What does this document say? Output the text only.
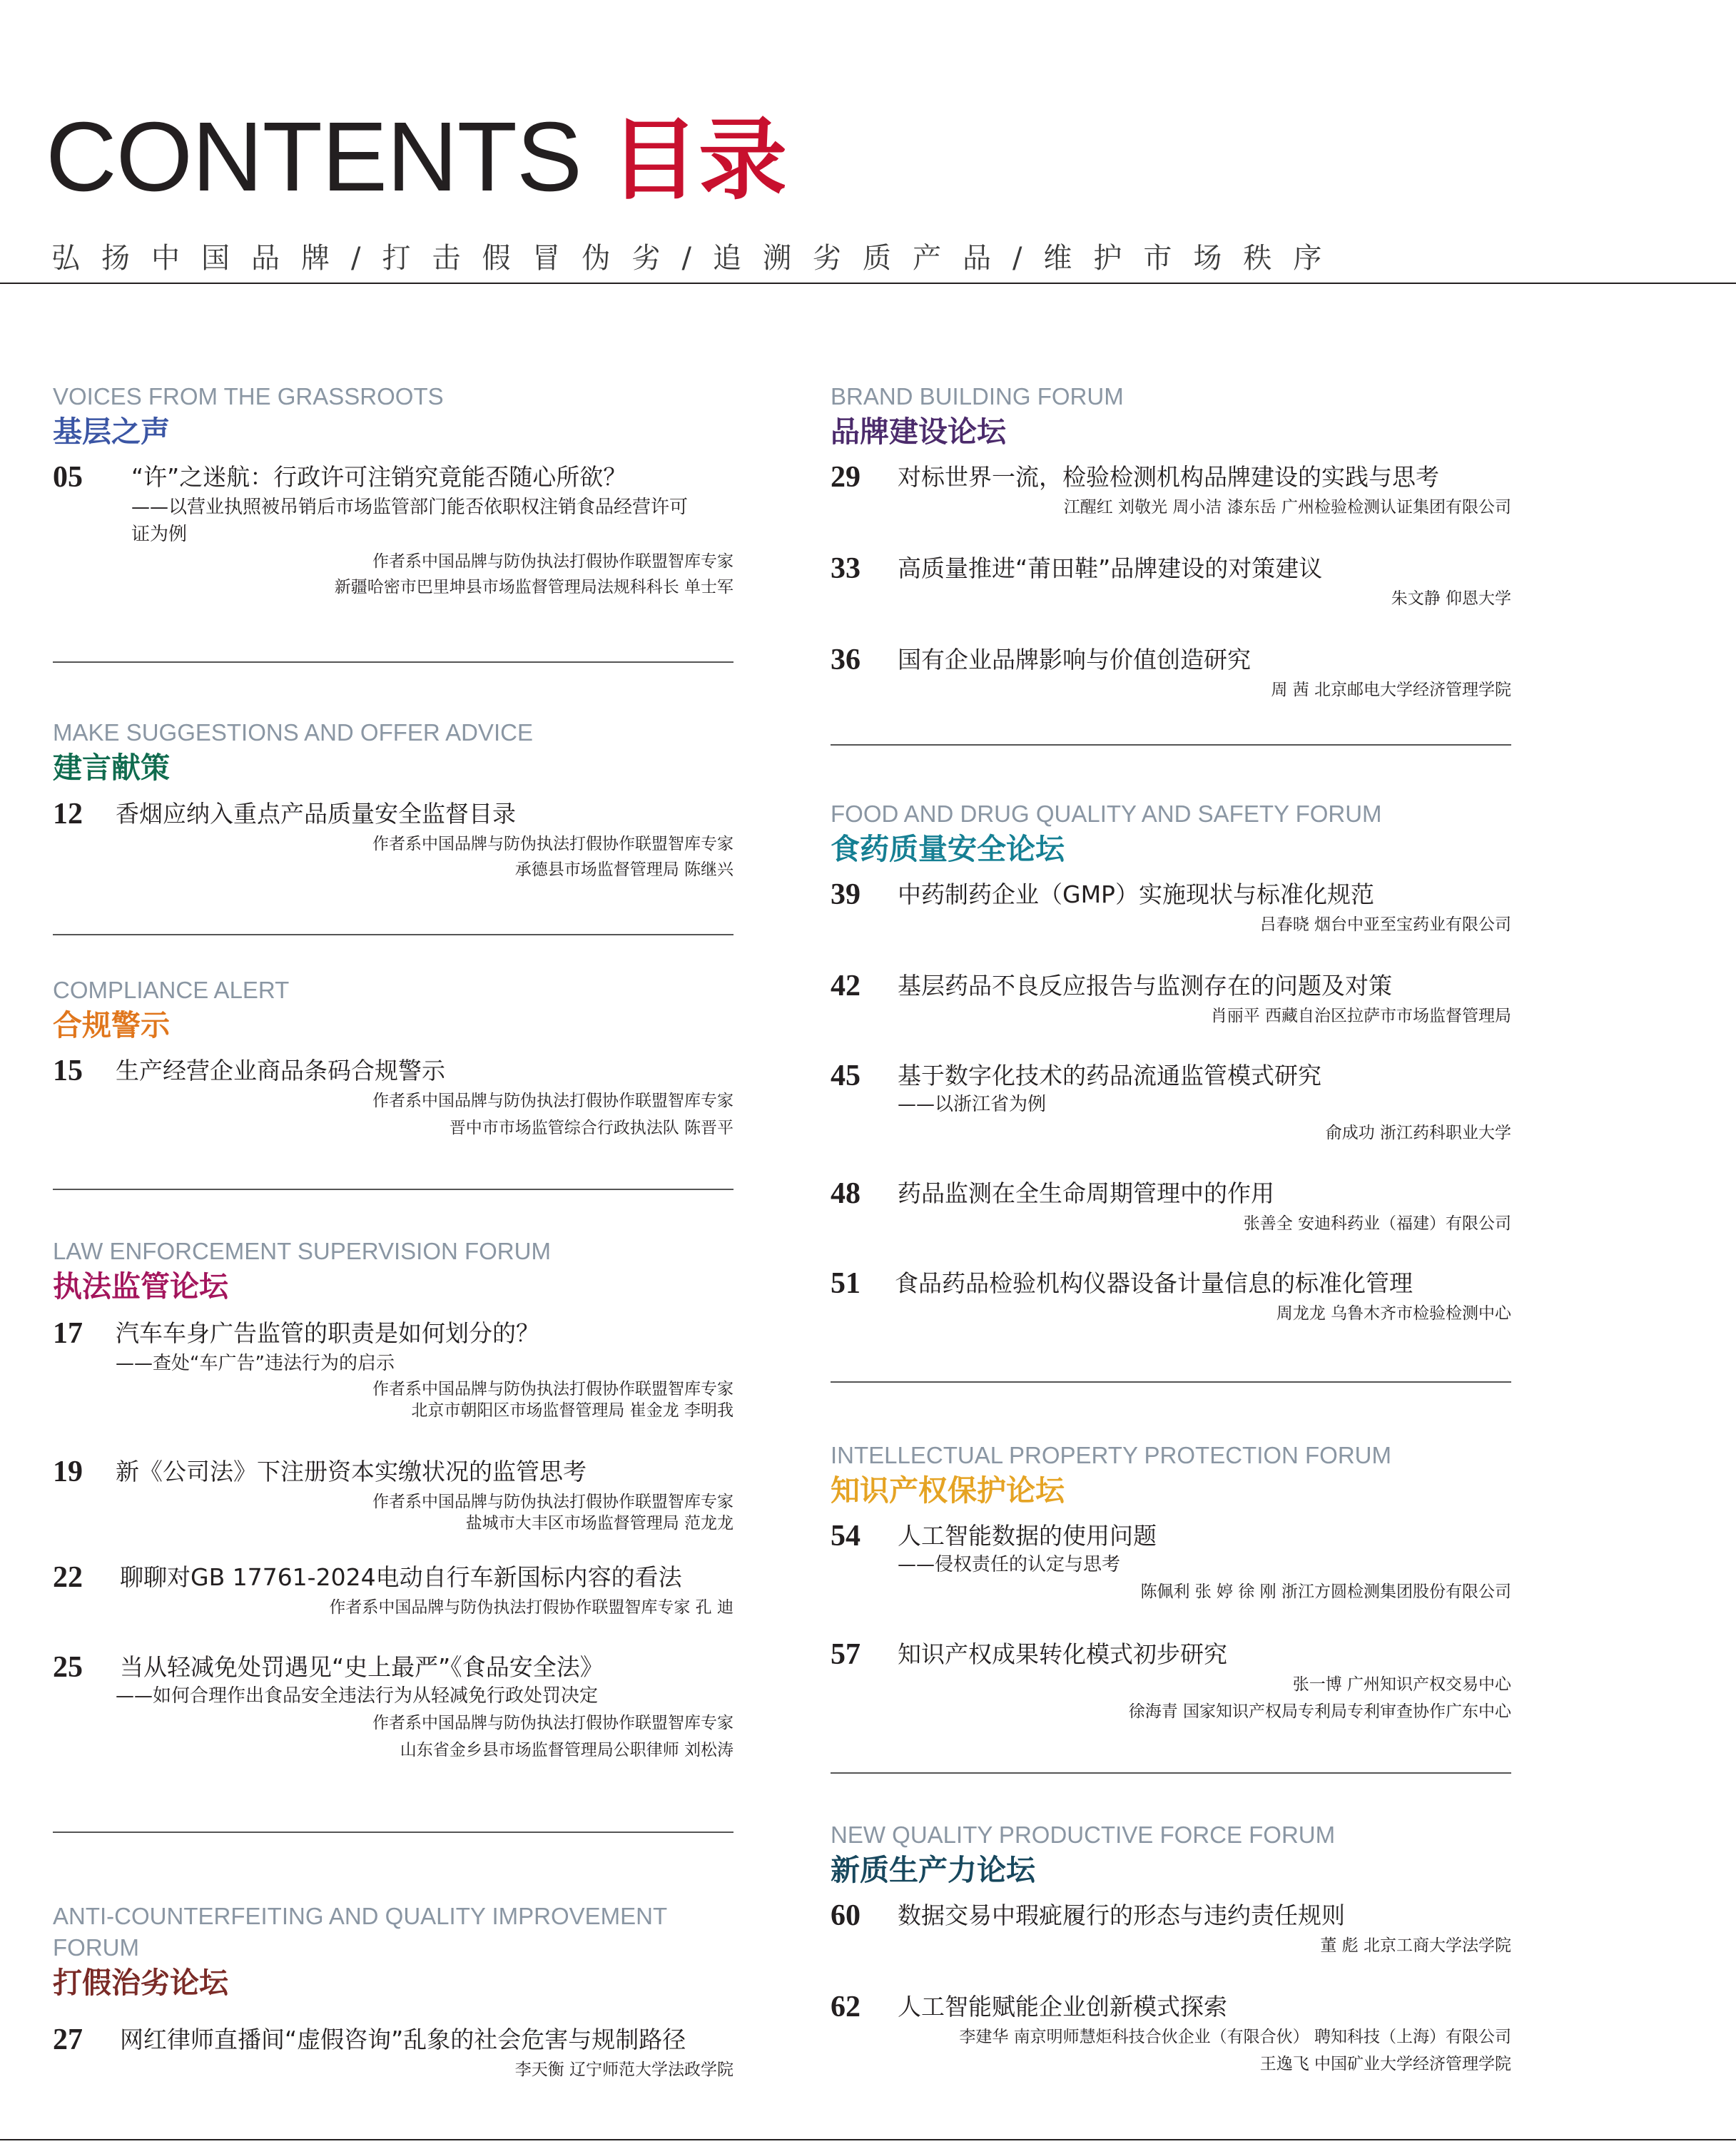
CONTENTS 目录
弘扬中国品牌/打击假冒伪劣/追溯劣质产品/维护市场秩序
VOICES FROM THE GRASSROOTS
基层之声
05 “许”之迷航：行政许可注销究竟能否随心所欲？
——以营业执照被吊销后市场监管部门能否依职权注销食品经营许可
证为例
作者系中国品牌与防伪执法打假协作联盟智库专家
新疆哈密市巴里坤县市场监督管理局法规科科长 单士军
MAKE SUGGESTIONS AND OFFER ADVICE
建言献策
12 香烟应纳入重点产品质量安全监督目录
作者系中国品牌与防伪执法打假协作联盟智库专家
承德县市场监督管理局 陈继兴
COMPLIANCE ALERT
合规警示
15 生产经营企业商品条码合规警示
作者系中国品牌与防伪执法打假协作联盟智库专家
晋中市市场监管综合行政执法队 陈晋平
LAW ENFORCEMENT SUPERVISION FORUM
执法监管论坛
17 汽车车身广告监管的职责是如何划分的？
——查处“车广告”违法行为的启示
作者系中国品牌与防伪执法打假协作联盟智库专家
北京市朝阳区市场监督管理局 崔金龙 李明我
19 新《公司法》下注册资本实缴状况的监管思考
作者系中国品牌与防伪执法打假协作联盟智库专家
盐城市大丰区市场监督管理局 范龙龙
22 聊聊对GB 17761-2024电动自行车新国标内容的看法
作者系中国品牌与防伪执法打假协作联盟智库专家 孔 迪
25 当从轻减免处罚遇见“史上最严”《食品安全法》
——如何合理作出食品安全违法行为从轻减免行政处罚决定
作者系中国品牌与防伪执法打假协作联盟智库专家
山东省金乡县市场监督管理局公职律师 刘松涛
ANTI-COUNTERFEITING AND QUALITY IMPROVEMENT FORUM
打假治劣论坛
27 网红律师直播间“虚假咨询”乱象的社会危害与规制路径
李天衡 辽宁师范大学法政学院
BRAND BUILDING FORUM
品牌建设论坛
29 对标世界一流，检验检测机构品牌建设的实践与思考
江醒红 刘敬光 周小洁 漆东岳 广州检验检测认证集团有限公司
33 高质量推进“莆田鞋”品牌建设的对策建议
朱文静 仰恩大学
36 国有企业品牌影响与价值创造研究
周 茜 北京邮电大学经济管理学院
FOOD AND DRUG QUALITY AND SAFETY FORUM
食药质量安全论坛
39 中药制药企业（GMP）实施现状与标准化规范
吕春晓 烟台中亚至宝药业有限公司
42 基层药品不良反应报告与监测存在的问题及对策
肖丽平 西藏自治区拉萨市市场监督管理局
45 基于数字化技术的药品流通监管模式研究
——以浙江省为例
俞成功 浙江药科职业大学
48 药品监测在全生命周期管理中的作用
张善全 安迪科药业（福建）有限公司
51 食品药品检验机构仪器设备计量信息的标准化管理
周龙龙 乌鲁木齐市检验检测中心
INTELLECTUAL PROPERTY PROTECTION FORUM
知识产权保护论坛
54 人工智能数据的使用问题
——侵权责任的认定与思考
陈佩利 张 婷 徐 刚 浙江方圆检测集团股份有限公司
57 知识产权成果转化模式初步研究
张一博 广州知识产权交易中心
徐海青 国家知识产权局专利局专利审查协作广东中心
NEW QUALITY PRODUCTIVE FORCE FORUM
新质生产力论坛
60 数据交易中瑕疵履行的形态与违约责任规则
董 彪 北京工商大学法学院
62 人工智能赋能企业创新模式探索
李建华 南京明师慧炬科技合伙企业（有限合伙） 聘知科技（上海）有限公司
王逸飞 中国矿业大学经济管理学院
